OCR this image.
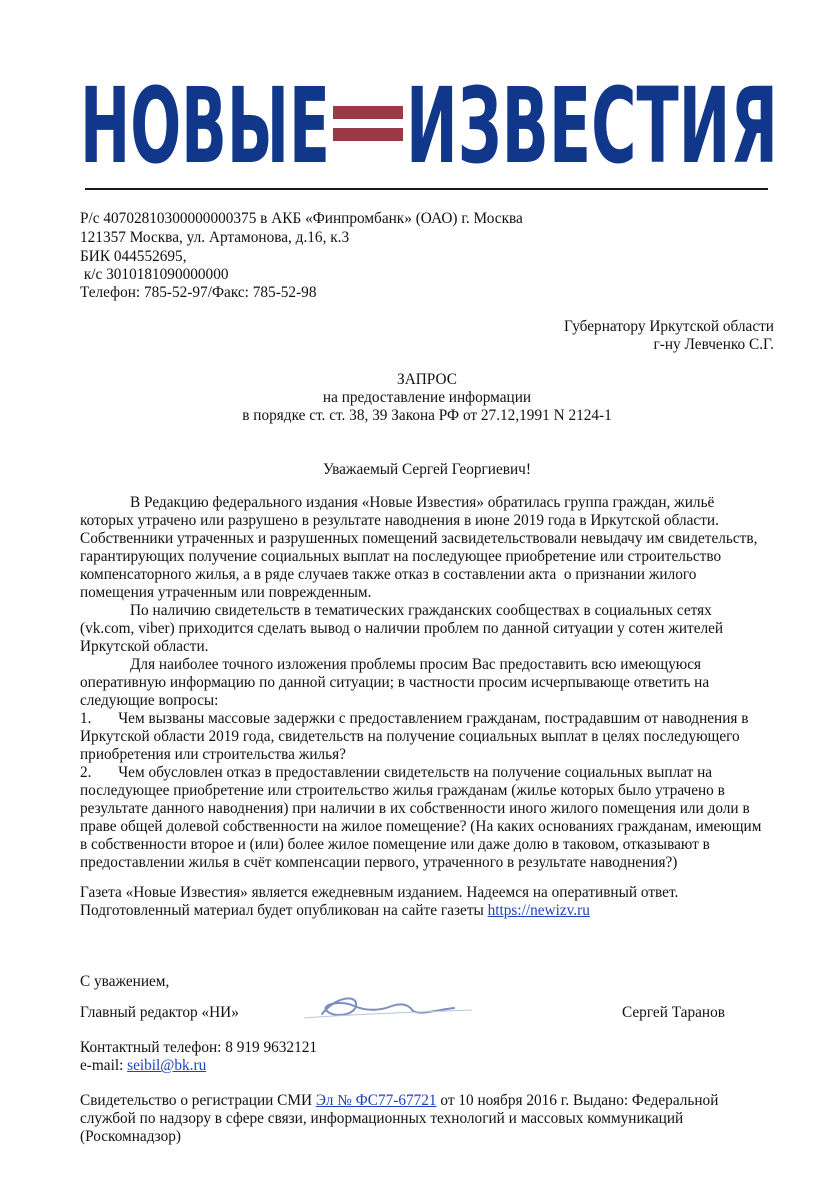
НОВЫЕ ИЗВЕСТИЯ
Р/с 40702810300000000375 в АКБ «Финпромбанк» (ОАО) г. Москва
121357 Москва, ул. Артамонова, д.16, к.3
БИК 044552695,
к/с 3010181090000000
Телефон: 785-52-97/Факс: 785-52-98
Губернатору Иркутской области
г-ну Левченко С.Г.
ЗАПРОС
на предоставление информации
в порядке ст. ст. 38, 39 Закона РФ от 27.12,1991 N 2124-1
Уважаемый Сергей Георгиевич!
В Редакцию федерального издания «Новые Известия» обратилась группа граждан, жильё
которых утрачено или разрушено в результате наводнения в июне 2019 года в Иркутской области.
Собственники утраченных и разрушенных помещений засвидетельствовали невыдачу им свидетельств,
гарантирующих получение социальных выплат на последующее приобретение или строительство
компенсаторного жилья, а в ряде случаев также отказ в составлении акта  о признании жилого
помещения утраченным или поврежденным.
По наличию свидетельств в тематических гражданских сообществах в социальных сетях
(vk.com, viber) приходится сделать вывод о наличии проблем по данной ситуации у сотен жителей
Иркутской области.
Для наиболее точного изложения проблемы просим Вас предоставить всю имеющуюся
оперативную информацию по данной ситуации; в частности просим исчерпывающе ответить на
следующие вопросы:
1.       Чем вызваны массовые задержки с предоставлением гражданам, пострадавшим от наводнения в
Иркутской области 2019 года, свидетельств на получение социальных выплат в целях последующего
приобретения или строительства жилья?
2.       Чем обусловлен отказ в предоставлении свидетельств на получение социальных выплат на
последующее приобретение или строительство жилья гражданам (жилье которых было утрачено в
результате данного наводнения) при наличии в их собственности иного жилого помещения или доли в
праве общей долевой собственности на жилое помещение? (На каких основаниях гражданам, имеющим
в собственности второе и (или) более жилое помещение или даже долю в таковом, отказывают в
предоставлении жилья в счёт компенсации первого, утраченного в результате наводнения?)
Газета «Новые Известия» является ежедневным изданием. Надеемся на оперативный ответ.
Подготовленный материал будет опубликован на сайте газеты https://newizv.ru
С уважением,
Главный редактор «НИ»	Сергей Таранов
Контактный телефон: 8 919 9632121
e-mail: seibil@bk.ru
Свидетельство о регистрации СМИ Эл № ФС77-67721 от 10 ноября 2016 г. Выдано: Федеральной
службой по надзору в сфере связи, информационных технологий и массовых коммуникаций
(Роскомнадзор)
